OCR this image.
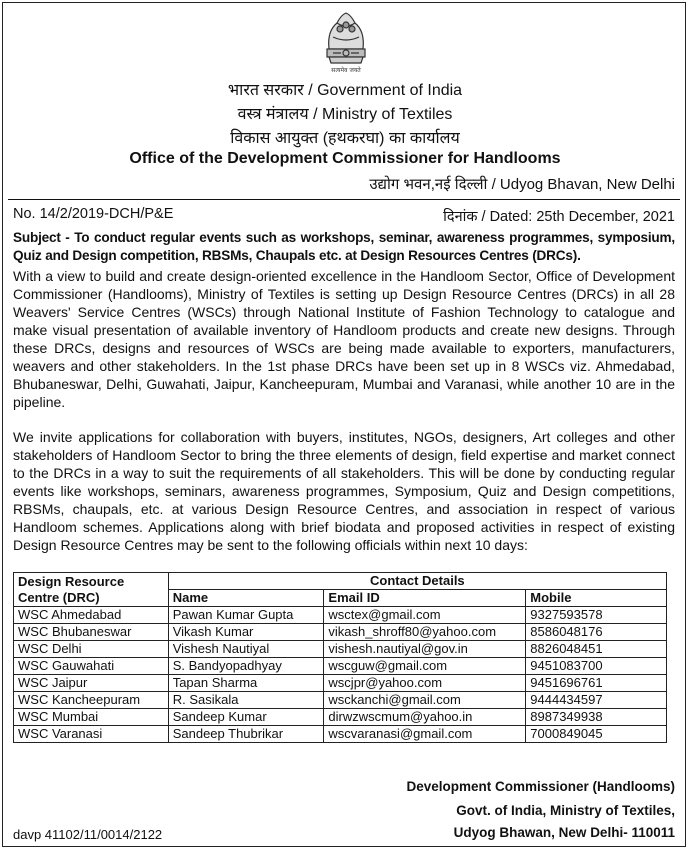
सत्यमेव जयते
भारत सरकार / Government of India
वस्त्र मंत्रालय / Ministry of Textiles
विकास आयुक्त (हथकरघा) का कार्यालय
Office of the Development Commissioner for Handlooms
उद्योग भवन,नई दिल्ली / Udyog Bhavan, New Delhi
No. 14/2/2019-DCH/P&E	दिनांक / Dated: 25th December, 2021
Subject - To conduct regular events such as workshops, seminar, awareness programmes, symposium, Quiz and Design competition, RBSMs, Chaupals etc. at Design Resources Centres (DRCs).
With a view to build and create design-oriented excellence in the Handloom Sector, Office of Development Commissioner (Handlooms), Ministry of Textiles is setting up Design Resource Centres (DRCs) in all 28 Weavers' Service Centres (WSCs) through National Institute of Fashion Technology to catalogue and make visual presentation of available inventory of Handloom products and create new designs. Through these DRCs, designs and resources of WSCs are being made available to exporters, manufacturers, weavers and other stakeholders. In the 1st phase DRCs have been set up in 8 WSCs viz. Ahmedabad, Bhubaneswar, Delhi, Guwahati, Jaipur, Kancheepuram, Mumbai and Varanasi, while another 10 are in the pipeline.
We invite applications for collaboration with buyers, institutes, NGOs, designers, Art colleges and other stakeholders of Handloom Sector to bring the three elements of design, field expertise and market connect to the DRCs in a way to suit the requirements of all stakeholders. This will be done by conducting regular events like workshops, seminars, awareness programmes, Symposium, Quiz and Design competitions, RBSMs, chaupals, etc. at various Design Resource Centres, and association in respect of various Handloom schemes. Applications along with brief biodata and proposed activities in respect of existing Design Resource Centres may be sent to the following officials within next 10 days:
Design Resource Centre (DRC)	Contact Details		
	Name	Email ID	Mobile
WSC Ahmedabad	Pawan Kumar Gupta	wsctex@gmail.com	9327593578
WSC Bhubaneswar	Vikash Kumar	vikash_shroff80@yahoo.com	8586048176
WSC Delhi	Vishesh Nautiyal	vishesh.nautiyal@gov.in	8826048451
WSC Gauwahati	S. Bandyopadhyay	wscguw@gmail.com	9451083700
WSC Jaipur	Tapan Sharma	wscjpr@yahoo.com	9451696761
WSC Kancheepuram	R. Sasikala	wsckanchi@gmail.com	9444434597
WSC Mumbai	Sandeep Kumar	dirwzwscmum@yahoo.in	8987349938
WSC Varanasi	Sandeep Thubrikar	wscvaranasi@gmail.com	7000849045
Development Commissioner (Handlooms)
Govt. of India, Ministry of Textiles,
Udyog Bhawan, New Delhi- 110011
davp 41102/11/0014/2122
